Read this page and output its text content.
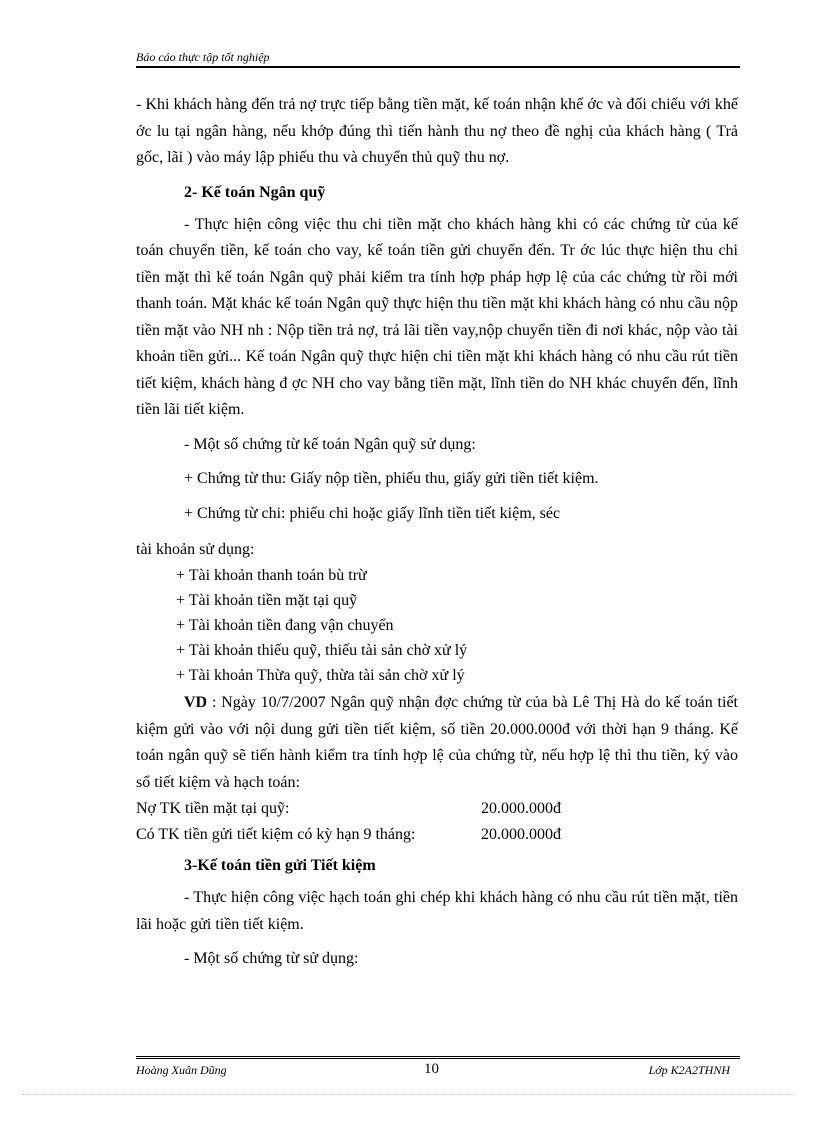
Báo cáo thực tập tốt nghiệp

- Khi khách hàng đến trả nợ trực tiếp bằng tiền mặt, kế toán nhận khế ớc và đối chiếu với khế ớc lu tại ngân hàng, nếu khớp đúng thì tiến hành thu nợ theo đề nghị của khách hàng ( Trả gốc, lãi ) vào máy lập phiếu thu và chuyển thủ quỹ thu nợ.

2- Kế toán Ngân quỹ

- Thực hiện công việc thu chi tiền mặt cho khách hàng khi có các chứng từ của kế toán chuyển tiền, kế toán cho vay, kế toán tiền gửi chuyển đến. Tr ớc lúc thực hiện thu chi tiền mặt thì kế toán Ngân quỹ phải kiểm tra tính hợp pháp hợp lệ của các chứng từ rồi mới thanh toán. Mặt khác kế toán Ngân quỹ thực hiện thu tiền mặt khi khách hàng có nhu cầu nộp tiền mặt vào NH nh : Nộp tiền trả nợ, trả lãi tiền vay,nộp chuyển tiền đi nơi khác, nộp vào tài khoản tiền gửi... Kế toán Ngân quỹ thực hiện chi tiền mặt khi khách hàng có nhu cầu rút tiền tiết kiệm, khách hàng đ ợc NH cho vay bằng tiền mặt, lĩnh tiền do NH khác chuyển đến, lĩnh tiền lãi tiết kiệm.

- Một số chứng từ kế toán Ngân quỹ sử dụng:

+ Chứng từ thu: Giấy nộp tiền, phiếu thu, giấy gửi tiền tiết kiệm.

+ Chứng từ chi: phiếu chi hoặc giấy lĩnh tiền tiết kiệm, séc

tài khoản sử dụng:
+ Tài khoản thanh toán bù trừ
+ Tài khoản tiền mặt tại quỹ
+ Tài khoản tiền đang vận chuyển
+ Tài khoản thiếu quỹ, thiếu tài sản chờ xử lý
+ Tài khoản Thừa quỹ, thừa tài sản chờ xử lý

VD : Ngày 10/7/2007 Ngân quỹ nhận đợc chứng từ của bà Lê Thị Hà do kế toán tiết kiệm gửi vào với nội dung gửi tiền tiết kiệm, số tiền 20.000.000đ với thời hạn 9 tháng. Kế toán ngân quỹ sẽ tiến hành kiểm tra tính hợp lệ của chứng từ, nếu hợp lệ thì thu tiền, ký vào sổ tiết kiệm và hạch toán:

Nợ TK tiền mặt tại quỹ:	20.000.000đ
Có TK tiền gửi tiết kiệm có kỳ hạn 9 tháng:	20.000.000đ
3-Kế toán tiền gửi Tiết kiệm

- Thực hiện công việc hạch toán ghi chép khi khách hàng có nhu cầu rút tiền mặt, tiền lãi hoặc gửi tiền tiết kiệm.

- Một số chứng từ sử dụng:

Hoàng Xuân Dũng	10	Lớp K2A2THNH
